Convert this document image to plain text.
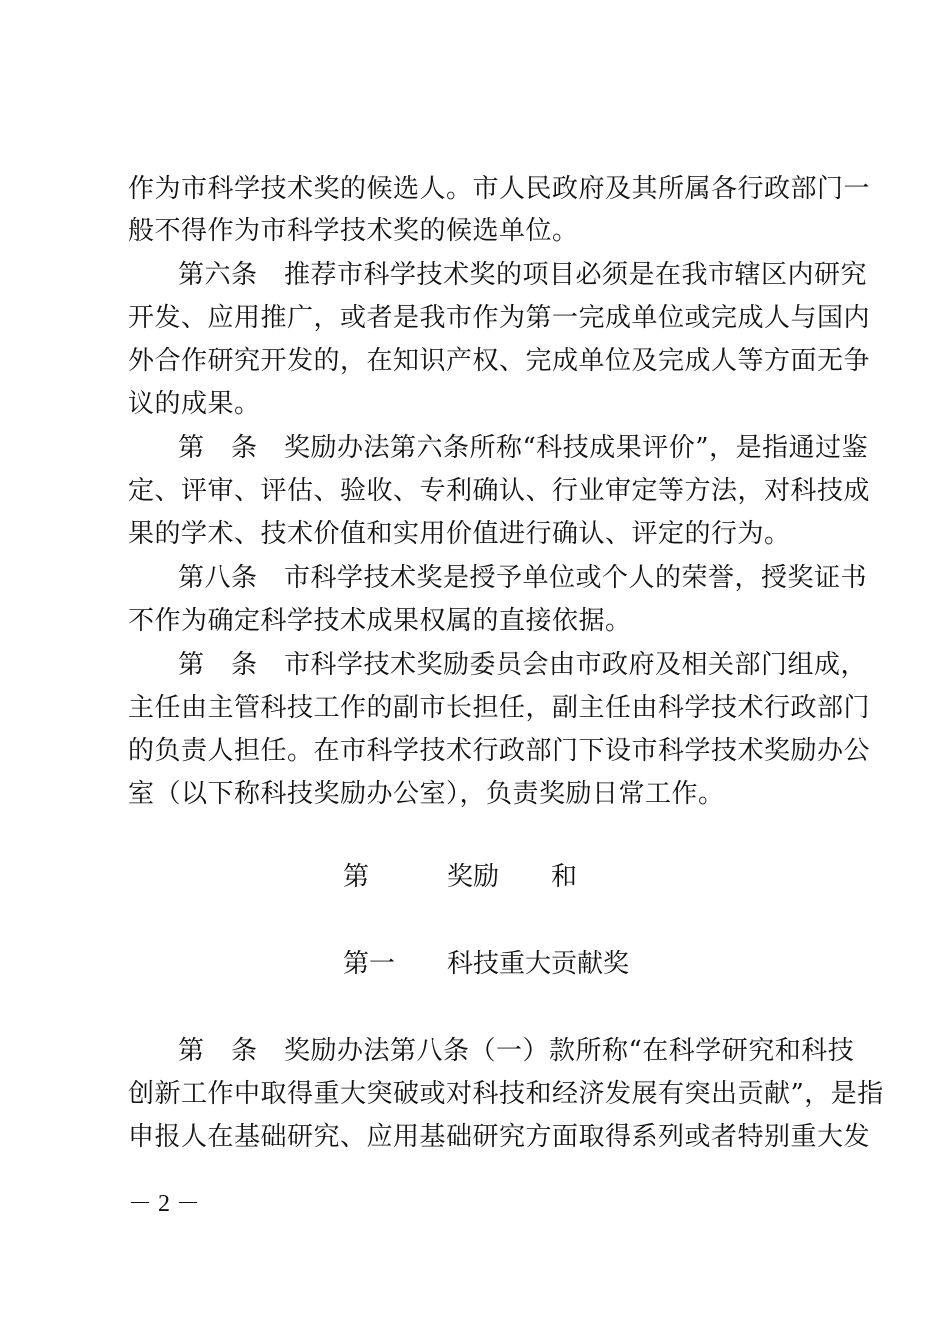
作为市科学技术奖的候选人。市人民政府及其所属各行政部门一
般不得作为市科学技术奖的候选单位。
第六条　推荐市科学技术奖的项目必须是在我市辖区内研究
开发、应用推广，或者是我市作为第一完成单位或完成人与国内
外合作研究开发的，在知识产权、完成单位及完成人等方面无争
议的成果。
第　条　奖励办法第六条所称“科技成果评价”，是指通过鉴
定、评审、评估、验收、专利确认、行业审定等方法，对科技成
果的学术、技术价值和实用价值进行确认、评定的行为。
第八条　市科学技术奖是授予单位或个人的荣誉，授奖证书
不作为确定科学技术成果权属的直接依据。
第　条　市科学技术奖励委员会由市政府及相关部门组成，
主任由主管科技工作的副市长担任，副主任由科学技术行政部门
的负责人担任。在市科学技术行政部门下设市科学技术奖励办公
室（以下称科技奖励办公室），负责奖励日常工作。
第　　　奖励　　和
第一　　科技重大贡献奖
第　条　奖励办法第八条（一）款所称“在科学研究和科技
创新工作中取得重大突破或对科技和经济发展有突出贡献”，是指
申报人在基础研究、应用基础研究方面取得系列或者特别重大发
－ 2 －
